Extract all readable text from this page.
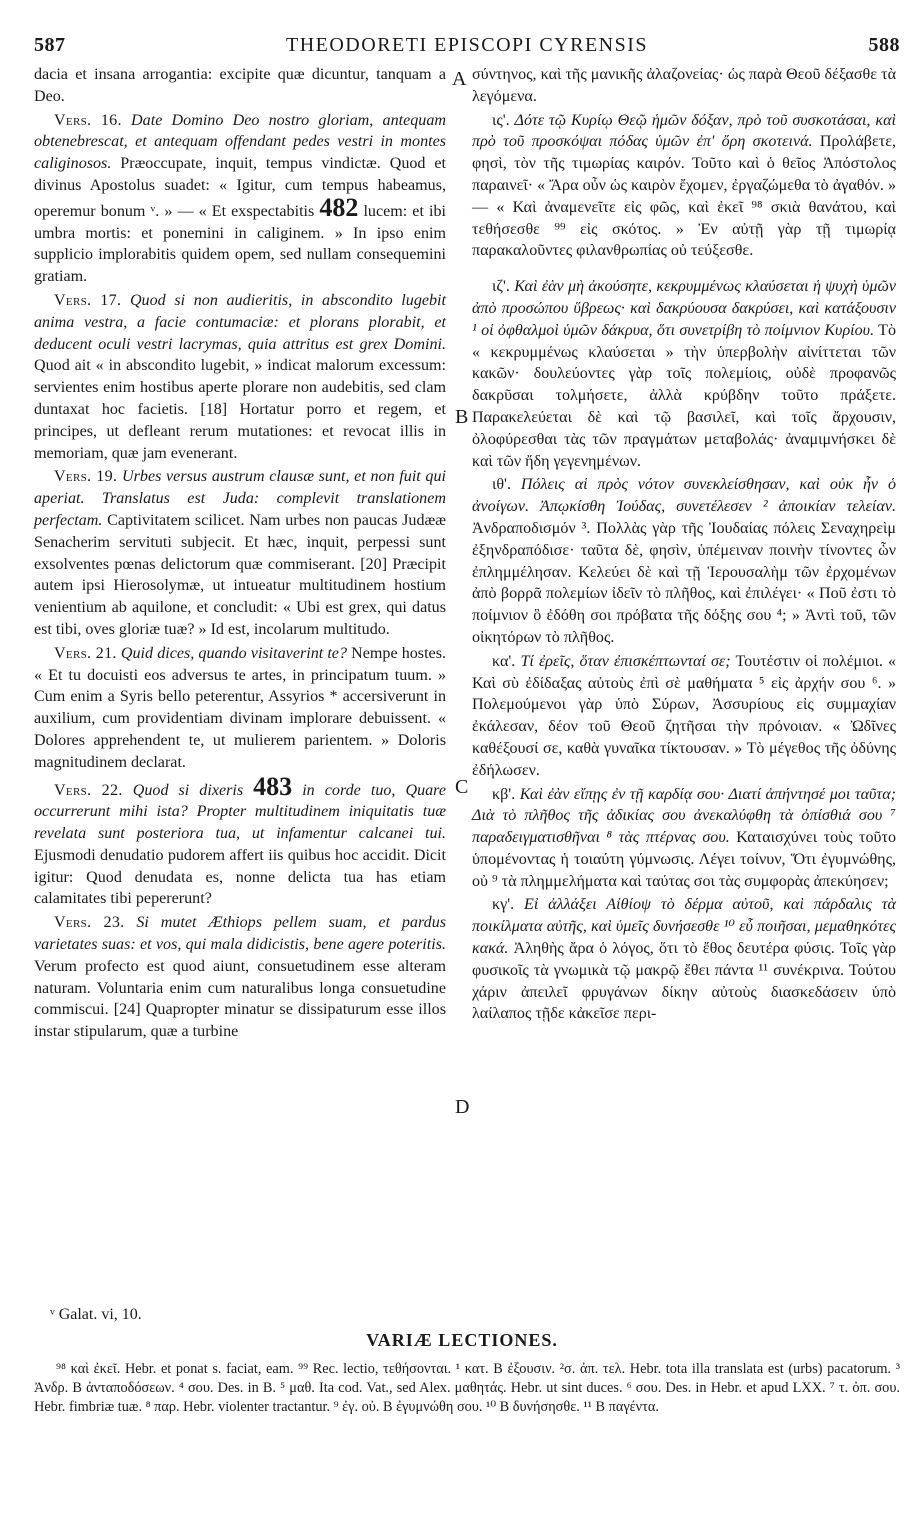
587	THEODORETI EPISCOPI CYRENSIS	588
A
B
C
D

dacia et insana arrogantia: excipite quæ dicuntur, tanquam a Deo.

Vers. 16. Date Domino Deo nostro gloriam, antequam obtenebrescat, et antequam offendant pedes vestri in montes caliginosos. Præoccupate, inquit, tempus vindictæ. Quod et divinus Apostolus suadet: « Igitur, cum tempus habeamus, operemur bonum ᵛ. » — « Et exspectabitis 482 lucem: et ibi umbra mortis: et ponemini in caliginem. » In ipso enim supplicio implorabitis quidem opem, sed nullam consequemini gratiam.

Vers. 17. Quod si non audieritis, in abscondito lugebit anima vestra, a facie contumaciæ: et plorans plorabit, et deducent oculi vestri lacrymas, quia attritus est grex Domini. Quod ait « in abscondito lugebit, » indicat malorum excessum: servientes enim hostibus aperte plorare non audebitis, sed clam duntaxat hoc facietis. [18] Hortatur porro et regem, et principes, ut defleant rerum mutationes: et revocat illis in memoriam, quæ jam evenerant.

Vers. 19. Urbes versus austrum clausæ sunt, et non fuit qui aperiat. Translatus est Juda: complevit translationem perfectam. Captivitatem scilicet. Nam urbes non paucas Judææ Senacherim servituti subjecit. Et hæc, inquit, perpessi sunt exsolventes pœnas delictorum quæ commiserant. [20] Præcipit autem ipsi Hierosolymæ, ut intueatur multitudinem hostium venientium ab aquilone, et concludit: « Ubi est grex, qui datus est tibi, oves gloriæ tuæ? » Id est, incolarum multitudo.

Vers. 21. Quid dices, quando visitaverint te? Nempe hostes. « Et tu docuisti eos adversus te artes, in principatum tuum. » Cum enim a Syris bello peterentur, Assyrios * accersiverunt in auxilium, cum providentiam divinam implorare debuissent. « Dolores apprehendent te, ut mulierem parientem. » Doloris magnitudinem declarat.

Vers. 22. Quod si dixeris 483 in corde tuo, Quare occurrerunt mihi ista? Propter multitudinem iniquitatis tuæ revelata sunt posteriora tua, ut infamentur calcanei tui. Ejusmodi denudatio pudorem affert iis quibus hoc accidit. Dicit igitur: Quod denudata es, nonne delicta tua has etiam calamitates tibi pepererunt?

Vers. 23. Si mutet Æthiops pellem suam, et pardus varietates suas: et vos, qui mala didicistis, bene agere poteritis. Verum profecto est quod aiunt, consuetudinem esse alteram naturam. Voluntaria enim cum naturalibus longa consuetudine commiscui. [24] Quapropter minatur se dissipaturum esse illos instar stipularum, quæ a turbine

σύντηνος, καὶ τῆς μανικῆς ἀλαζονείας· ὡς παρὰ Θεοῦ δέξασθε τὰ λεγόμενα.

ις'. Δότε τῷ Κυρίῳ Θεῷ ἡμῶν δόξαν, πρὸ τοῦ συσκοτάσαι, καὶ πρὸ τοῦ προσκόψαι πόδας ὑμῶν ἐπ' ὄρη σκοτεινά. Προλάβετε, φησὶ, τὸν τῆς τιμωρίας καιρόν. Τοῦτο καὶ ὁ θεῖος Ἀπόστολος παραινεῖ· « Ἄρα οὖν ὡς καιρὸν ἔχομεν, ἐργαζώμεθα τὸ ἀγαθόν. » — « Καὶ ἀναμενεῖτε εἰς φῶς, καὶ ἐκεῖ ⁹⁸ σκιὰ θανάτου, καὶ τεθήσεσθε ⁹⁹ εἰς σκότος. » Ἐν αὐτῇ γὰρ τῇ τιμωρίᾳ παρακαλοῦντες φιλανθρωπίας οὐ τεύξεσθε.

ιζ'. Καὶ ἐὰν μὴ ἀκούσητε, κεκρυμμένως κλαύσεται ἡ ψυχὴ ὑμῶν ἀπὸ προσώπου ὕβρεως· καὶ δακρύουσα δακρύσει, καὶ κατάξουσιν ¹ οἱ ὀφθαλμοὶ ὑμῶν δάκρυα, ὅτι συνετρίβη τὸ ποίμνιον Κυρίου. Τὸ « κεκρυμμένως κλαύσεται » τὴν ὑπερβολὴν αἰνίττεται τῶν κακῶν· δουλεύοντες γὰρ τοῖς πολεμίοις, οὐδὲ προφανῶς δακρῦσαι τολμήσετε, ἀλλὰ κρύβδην τοῦτο πράξετε. Παρακελεύεται δὲ καὶ τῷ βασιλεῖ, καὶ τοῖς ἄρχουσιν, ὀλοφύρεσθαι τὰς τῶν πραγμάτων μεταβολάς· ἀναμιμνήσκει δὲ καὶ τῶν ἤδη γεγενημένων.

ιθ'. Πόλεις αἱ πρὸς νότον συνεκλείσθησαν, καὶ οὐκ ἦν ὁ ἀνοίγων. Ἀπῳκίσθη Ἰούδας, συνετέλεσεν ² ἀποικίαν τελείαν. Ἀνδραποδισμόν ³. Πολλὰς γὰρ τῆς Ἰουδαίας πόλεις Σεναχηρεὶμ ἐξηνδραπόδισε· ταῦτα δὲ, φησὶν, ὑπέμειναν ποινὴν τίνοντες ὧν ἐπλημμέλησαν. Κελεύει δὲ καὶ τῇ Ἱερουσαλὴμ τῶν ἐρχομένων ἀπὸ βορρᾶ πολεμίων ἰδεῖν τὸ πλῆθος, καὶ ἐπιλέγει· « Ποῦ ἐστι τὸ ποίμνιον ὃ ἐδόθη σοι πρόβατα τῆς δόξης σου ⁴; » Ἀντὶ τοῦ, τῶν οἰκητόρων τὸ πλῆθος.

κα'. Τί ἐρεῖς, ὅταν ἐπισκέπτωνταί σε; Τουτέστιν οἱ πολέμιοι. « Καὶ σὺ ἐδίδαξας αὐτοὺς ἐπὶ σὲ μαθήματα ⁵ εἰς ἀρχήν σου ⁶. » Πολεμούμενοι γὰρ ὑπὸ Σύρων, Ἀσσυρίους εἰς συμμαχίαν ἐκάλεσαν, δέον τοῦ Θεοῦ ζητῆσαι τὴν πρόνοιαν. « Ὠδῖνες καθέξουσί σε, καθὰ γυναῖκα τίκτουσαν. » Τὸ μέγεθος τῆς ὀδύνης ἐδήλωσεν.

κβ'. Καὶ ἐὰν εἴπῃς ἐν τῇ καρδίᾳ σου· Διατί ἀπήντησέ μοι ταῦτα; Διὰ τὸ πλῆθος τῆς ἀδικίας σου ἀνεκαλύφθη τὰ ὀπίσθιά σου ⁷ παραδειγματισθῆναι ⁸ τὰς πτέρνας σου. Καταισχύνει τοὺς τοῦτο ὑπομένοντας ἡ τοιαύτη γύμνωσις. Λέγει τοίνυν, Ὅτι ἐγυμνώθης, οὐ ⁹ τὰ πλημμελήματα καὶ ταύτας σοι τὰς συμφορὰς ἀπεκύησεν;

κγ'. Εἰ ἀλλάξει Αἰθίοψ τὸ δέρμα αὐτοῦ, καὶ πάρδαλις τὰ ποικίλματα αὐτῆς, καὶ ὑμεῖς δυνήσεσθε ¹⁰ εὖ ποιῆσαι, μεμαθηκότες κακά. Ἀληθὴς ἄρα ὁ λόγος, ὅτι τὸ ἔθος δευτέρα φύσις. Τοῖς γὰρ φυσικοῖς τὰ γνωμικὰ τῷ μακρῷ ἔθει πάντα ¹¹ συνέκρινα. Τούτου χάριν ἀπειλεῖ φρυγάνων δίκην αὐτοὺς διασκεδάσειν ὑπὸ λαίλαπος τῇδε κἀκεῖσε περι-

ᵛ Galat. vi, 10.
VARIÆ LECTIONES.

⁹⁸ καὶ ἐκεῖ. Hebr. et ponat s. faciat, eam. ⁹⁹ Rec. lectio, τεθήσονται. ¹ κατ. B ἐξουσιν. ²σ. ἀπ. τελ. Hebr. tota illa translata est (urbs) pacatorum. ³ Ἀνδρ. B ἀνταποδόσεων. ⁴ σου. Des. in B. ⁵ μαθ. Ita cod. Vat., sed Alex. μαθητάς. Hebr. ut sint duces. ⁶ σου. Des. in Hebr. et apud LXX. ⁷ τ. ὀπ. σου. Hebr. fimbriæ tuæ. ⁸ παρ. Hebr. violenter tractantur. ⁹ ἐγ. οὐ. B ἐγυμνώθη σου. ¹⁰ B δυνήσησθε. ¹¹ B παγέντα.
